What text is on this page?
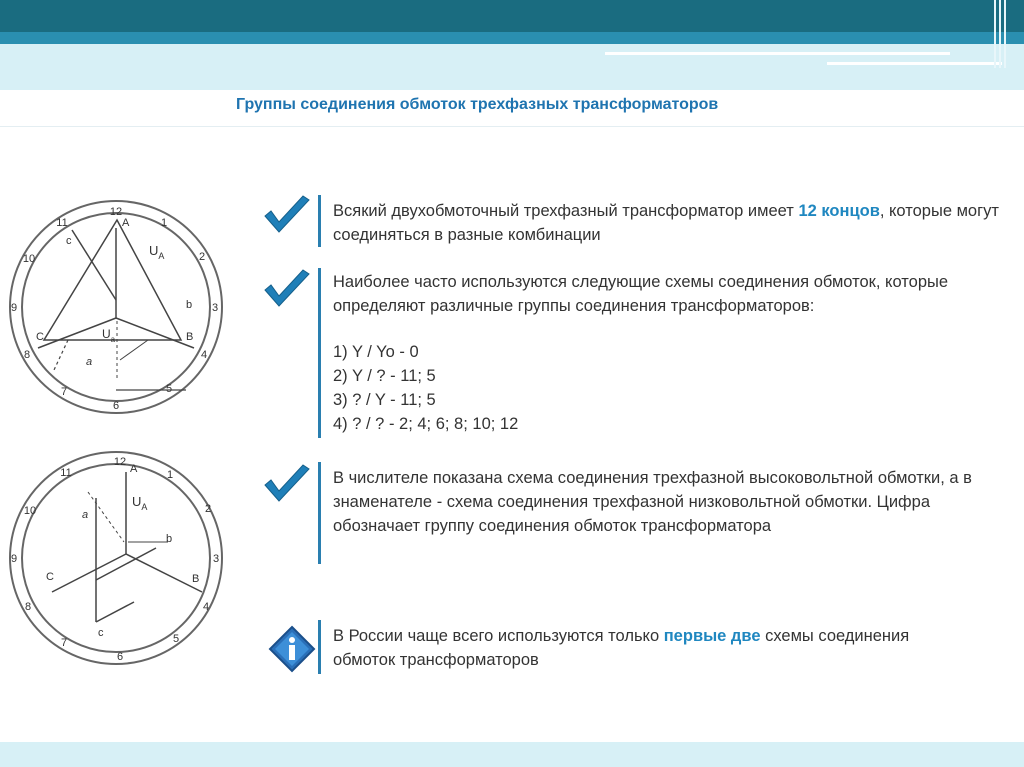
Группы соединения обмоток трехфазных трансформаторов
12
1
2
3
4
5
6
7
8
9
10
11	A
B
C
a
b
c
$U_A$
$U_a$
12
1
2
3
4
5
6
7
8
9
10
11	A
B
C
a
b
c
$U_A$
Всякий двухобмоточный трехфазный трансформатор имеет 12 концов, которые могут соединяться в разные комбинации
Наиболее часто используются следующие схемы соединения обмоток, которые определяют различные группы соединения трансформаторов:
1) Y / Yo - 0
2) Y / ? - 11; 5
3) ? / Y - 11; 5
4) ? / ? - 2; 4; 6; 8; 10; 12
В числителе показана схема соединения трехфазной высоковольтной обмотки, а в знаменателе - схема соединения трехфазной низковольтной обмотки. Цифра обозначает группу соединения обмоток трансформатора
В России чаще всего используются только первые две схемы соединения обмоток трансформаторов
